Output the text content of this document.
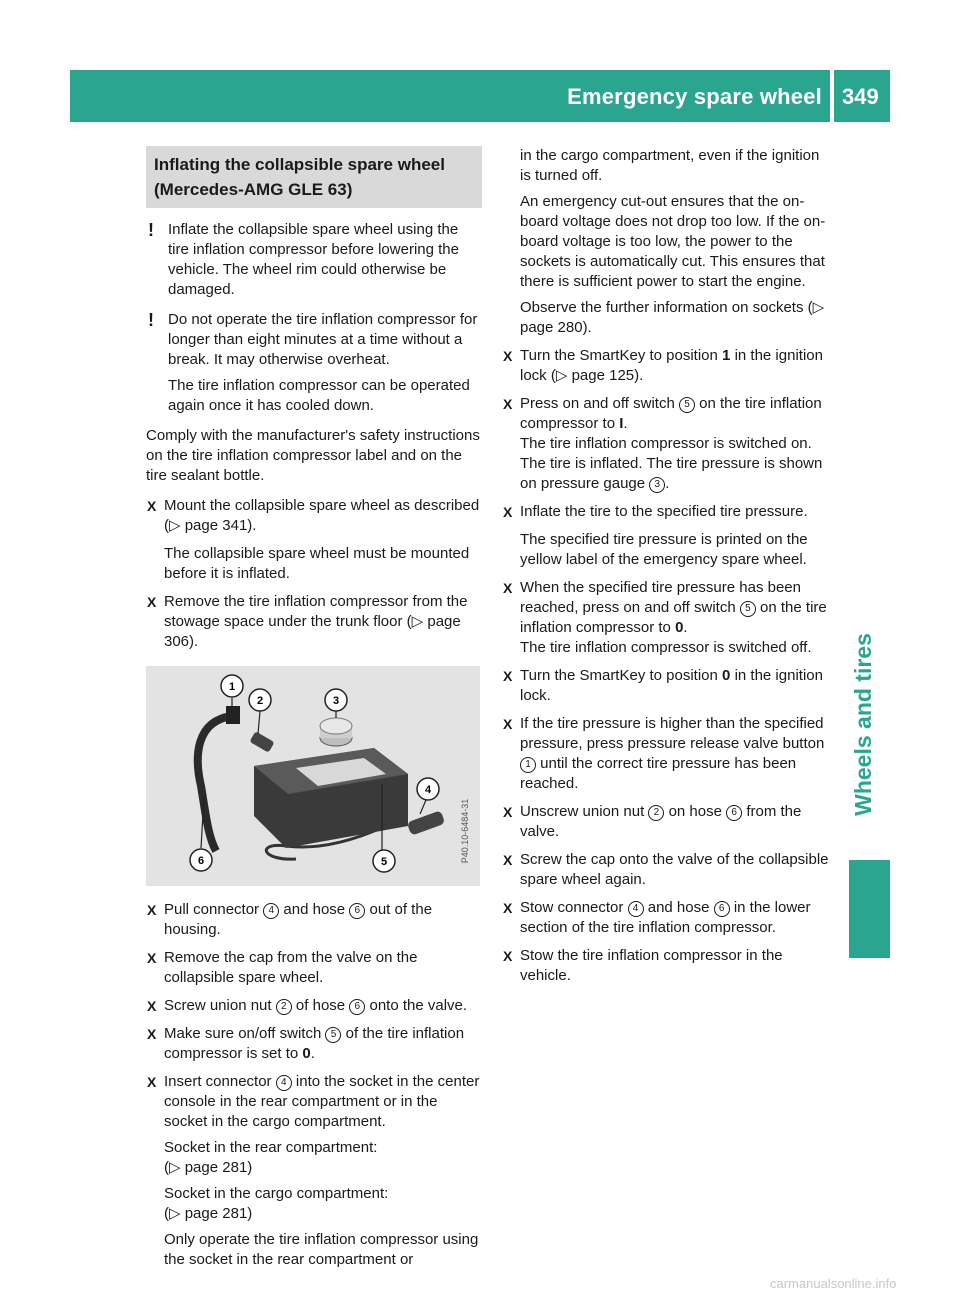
Emergency spare wheel 349
Wheels and tires
Inflating the collapsible spare wheel (Mercedes-AMG GLE 63)
! Inflate the collapsible spare wheel using the tire inflation compressor before lowering the vehicle. The wheel rim could otherwise be damaged.
! Do not operate the tire inflation compressor for longer than eight minutes at a time without a break. It may otherwise overheat.
The tire inflation compressor can be operated again once it has cooled down.
Comply with the manufacturer's safety instructions on the tire inflation compressor label and on the tire sealant bottle.
X Mount the collapsible spare wheel as described (▷ page 341).
The collapsible spare wheel must be mounted before it is inflated.
X Remove the tire inflation compressor from the stowage space under the trunk floor (▷ page 306).
1
2	3
4
5
6	P40.10-6484-31
X Pull connector 4 and hose 6 out of the housing.
X Remove the cap from the valve on the collapsible spare wheel.
X Screw union nut 2 of hose 6 onto the valve.
X Make sure on/off switch 5 of the tire inflation compressor is set to 0.
X Insert connector 4 into the socket in the center console in the rear compartment or in the socket in the cargo compartment.
Socket in the rear compartment:
(▷ page 281)
Socket in the cargo compartment:
(▷ page 281)
Only operate the tire inflation compressor using the socket in the rear compartment or
in the cargo compartment, even if the ignition is turned off.
An emergency cut-out ensures that the on-board voltage does not drop too low. If the on-board voltage is too low, the power to the sockets is automatically cut. This ensures that there is sufficient power to start the engine.
Observe the further information on sockets (▷ page 280).
X Turn the SmartKey to position 1 in the ignition lock (▷ page 125).
X Press on and off switch 5 on the tire inflation compressor to I.
The tire inflation compressor is switched on. The tire is inflated. The tire pressure is shown on pressure gauge 3 .
X Inflate the tire to the specified tire pressure.
The specified tire pressure is printed on the yellow label of the emergency spare wheel.
X When the specified tire pressure has been reached, press on and off switch 5 on the tire inflation compressor to 0.
The tire inflation compressor is switched off.
X Turn the SmartKey to position 0 in the ignition lock.
X If the tire pressure is higher than the specified pressure, press pressure release valve button 1 until the correct tire pressure has been reached.
X Unscrew union nut 2 on hose 6 from the valve.
X Screw the cap onto the valve of the collapsible spare wheel again.
X Stow connector 4 and hose 6 in the lower section of the tire inflation compressor.
X Stow the tire inflation compressor in the vehicle.
carmanualsonline.info
